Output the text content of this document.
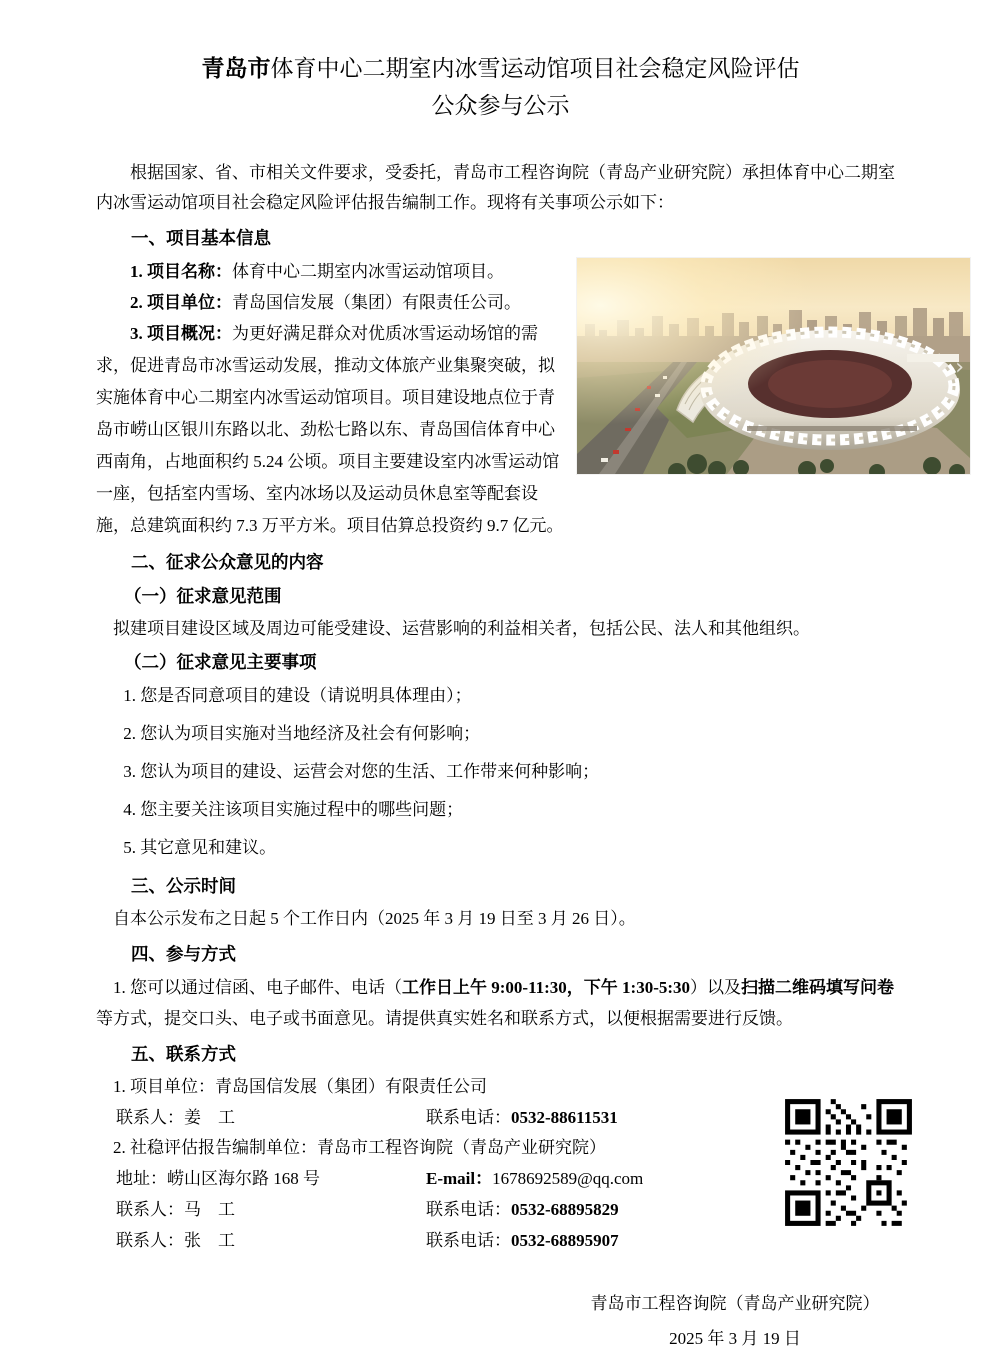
青岛市体育中心二期室内冰雪运动馆项目社会稳定风险评估
公众参与公示

根据国家、省、市相关文件要求，受委托，青岛市工程咨询院（青岛产业研究院）承担体育中心二期室内冰雪运动馆项目社会稳定风险评估报告编制工作。现将有关事项公示如下：

一、项目基本信息

›

1. 项目名称：体育中心二期室内冰雪运动馆项目。

2. 项目单位：青岛国信发展（集团）有限责任公司。

3. 项目概况：为更好满足群众对优质冰雪运动场馆的需求，促进青岛市冰雪运动发展，推动文体旅产业集聚突破，拟实施体育中心二期室内冰雪运动馆项目。项目建设地点位于青岛市崂山区银川东路以北、劲松七路以东、青岛国信体育中心西南角，占地面积约 5.24 公顷。项目主要建设室内冰雪运动馆一座，包括室内雪场、室内冰场以及运动员休息室等配套设施，总建筑面积约 7.3 万平方米。项目估算总投资约 9.7 亿元。

二、征求公众意见的内容

（一）征求意见范围

拟建项目建设区域及周边可能受建设、运营影响的利益相关者，包括公民、法人和其他组织。

（二）征求意见主要事项

1. 您是否同意项目的建设（请说明具体理由）；

2. 您认为项目实施对当地经济及社会有何影响；

3. 您认为项目的建设、运营会对您的生活、工作带来何种影响；

4. 您主要关注该项目实施过程中的哪些问题；

5. 其它意见和建议。

三、公示时间

自本公示发布之日起 5 个工作日内（2025 年 3 月 19 日至 3 月 26 日）。

四、参与方式

1. 您可以通过信函、电子邮件、电话（工作日上午 9:00-11:30，下午 1:30-5:30）以及扫描二维码填写问卷等方式，提交口头、电子或书面意见。请提供真实姓名和联系方式，以便根据需要进行反馈。

五、联系方式

1. 项目单位：青岛国信发展（集团）有限责任公司

联系人：姜　工	联系电话：0532-88611531

2. 社稳评估报告编制单位：青岛市工程咨询院（青岛产业研究院）

地址：崂山区海尔路 168 号	E-mail：1678692589@qq.com
联系人：马　工	联系电话：0532-68895829
联系人：张　工	联系电话：0532-68895907

青岛市工程咨询院（青岛产业研究院）

2025 年 3 月 19 日
